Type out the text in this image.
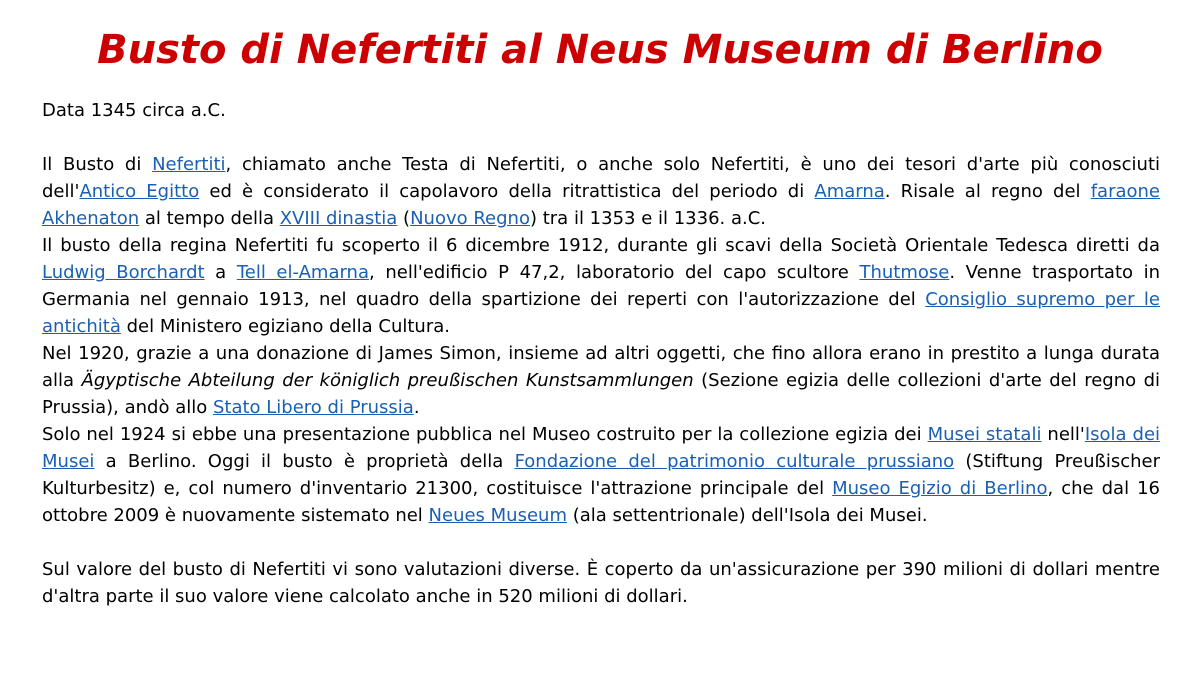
Busto di Nefertiti al Neus Museum di Berlino

Data 1345 circa a.C.

Il Busto di Nefertiti, chiamato anche Testa di Nefertiti, o anche solo Nefertiti, è uno dei tesori d'arte più conosciuti dell'Antico Egitto ed è considerato il capolavoro della ritrattistica del periodo di Amarna. Risale al regno del faraone Akhenaton al tempo della XVIII dinastia (Nuovo Regno) tra il 1353 e il 1336. a.C.

Il busto della regina Nefertiti fu scoperto il 6 dicembre 1912, durante gli scavi della Società Orientale Tedesca diretti da Ludwig Borchardt a Tell el-Amarna, nell'edificio P 47,2, laboratorio del capo scultore Thutmose. Venne trasportato in Germania nel gennaio 1913, nel quadro della spartizione dei reperti con l'autorizzazione del Consiglio supremo per le antichità del Ministero egiziano della Cultura.

Nel 1920, grazie a una donazione di James Simon, insieme ad altri oggetti, che fino allora erano in prestito a lunga durata alla Ägyptische Abteilung der königlich preußischen Kunstsammlungen (Sezione egizia delle collezioni d'arte del regno di Prussia), andò allo Stato Libero di Prussia.

Solo nel 1924 si ebbe una presentazione pubblica nel Museo costruito per la collezione egizia dei Musei statali nell'Isola dei Musei a Berlino. Oggi il busto è proprietà della Fondazione del patrimonio culturale prussiano (Stiftung Preußischer Kulturbesitz) e, col numero d'inventario 21300, costituisce l'attrazione principale del Museo Egizio di Berlino, che dal 16 ottobre 2009 è nuovamente sistemato nel Neues Museum (ala settentrionale) dell'Isola dei Musei.

Sul valore del busto di Nefertiti vi sono valutazioni diverse. È coperto da un'assicurazione per 390 milioni di dollari mentre d'altra parte il suo valore viene calcolato anche in 520 milioni di dollari.
